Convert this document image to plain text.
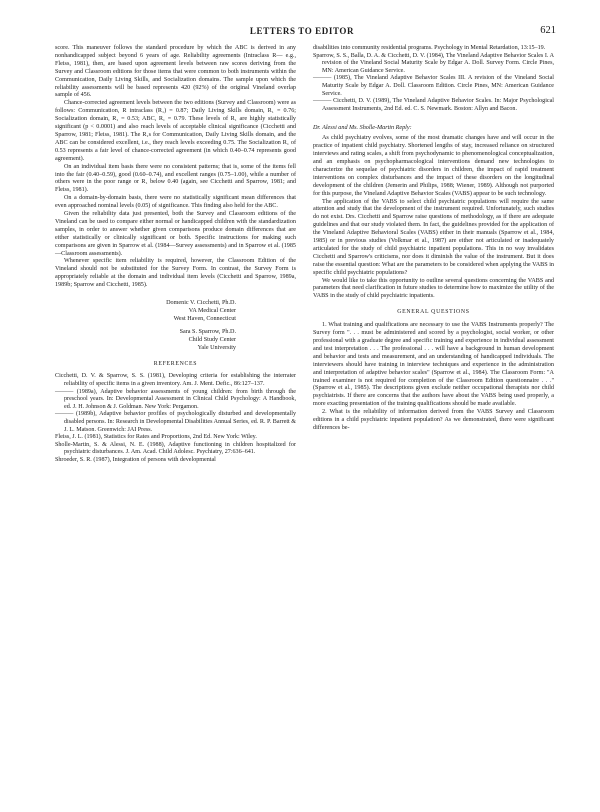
LETTERS TO EDITOR	621

score. This maneuver follows the standard procedure by which the ABC is derived in any nonhandicapped subject beyond 6 years of age. Reliability agreements (Intraclass R— e.g., Fleiss, 1981), then, are based upon agreement levels between raw scores deriving from the Survey and Classroom editions for those items that were common to both instruments within the Communication, Daily Living Skills, and Socialization domains. The sample upon which the reliability assessments will be based represents 420 (92%) of the original Vineland overlap sample of 456.

Chance-corrected agreement levels between the two editions (Survey and Classroom) were as follows: Communication, R intraclass (R₁) = 0.87; Daily Living Skills domain, R₁ = 0.76; Socialization domain, R₁ = 0.53; ABC, R₁ = 0.79. These levels of R₁ are highly statistically significant (p < 0.0001) and also reach levels of acceptable clinical significance (Cicchetti and Sparrow, 1981; Fleiss, 1981). The R₁s for Communication, Daily Living Skills domain, and the ABC can be considered excellent, i.e., they reach levels exceeding 0.75. The Socialization R₁ of 0.53 represents a fair level of chance-corrected agreement (in which 0.40–0.74 represents good agreement).

On an individual item basis there were no consistent patterns; that is, some of the items fell into the fair (0.40–0.59), good (0.60–0.74), and excellent ranges (0.75–1.00), while a number of others were in the poor range or R₁ below 0.40 (again, see Cicchetti and Sparrow, 1981; and Fleiss, 1981).

On a domain-by-domain basis, there were no statistically significant mean differences that even approached nominal levels (0.05) of significance. This finding also held for the ABC.

Given the reliability data just presented, both the Survey and Classroom editions of the Vineland can be used to compare either normal or handicapped children with the standardization samples, in order to answer whether given comparisons produce domain differences that are either statistically or clinically significant or both. Specific instructions for making such comparisons are given in Sparrow et al. (1984—Survey assessments) and in Sparrow et al. (1985—Classroom assessments).

Whenever specific item reliability is required, however, the Classroom Edition of the Vineland should not be substituted for the Survey Form. In contrast, the Survey Form is appropriately reliable at the domain and individual item levels (Cicchetti and Sparrow, 1989a, 1989b; Sparrow and Cicchetti, 1985).

Domenic V. Cicchetti, Ph.D.
VA Medical Center
West Haven, Connecticut
Sara S. Sparrow, Ph.D.
Child Study Center
Yale University
REFERENCES

Cicchetti, D. V. & Sparrow, S. S. (1981), Developing criteria for establishing the interrater reliability of specific items in a given inventory. Am. J. Ment. Defic., 86:127–137.

——— (1989a), Adaptive behavior assessments of young children: from birth through the preschool years. In: Developmental Assessment in Clinical Child Psychology: A Handbook, ed. J. H. Johnson & J. Goldman. New York: Pergamon.

——— (1989b), Adaptive behavior profiles of psychologically disturbed and developmentally disabled persons. In: Research in Developmental Disabilities Annual Series, ed. R. P. Barrett & J. L. Matson. Greenwich: JAI Press.

Fleiss, J. L. (1981), Statistics for Rates and Proportions, 2nd Ed. New York: Wiley.

Sholle-Martin, S. & Alessi, N. E. (1988), Adaptive functioning in children hospitalized for psychiatric disturbances. J. Am. Acad. Child Adolesc. Psychiatry, 27:636–641.

Shroeder, S. R. (1987), Integration of persons with developmental

disabilities into community residential programs. Psychology in Mental Retardation, 13:15–19.

Sparrow, S. S., Balla, D. A. & Cicchetti, D. V. (1984), The Vineland Adaptive Behavior Scales I. A revision of the Vineland Social Maturity Scale by Edgar A. Doll. Survey Form. Circle Pines, MN: American Guidance Service.

——— (1985), The Vineland Adaptive Behavior Scales III. A revision of the Vineland Social Maturity Scale by Edgar A. Doll. Classroom Edition. Circle Pines, MN: American Guidance Service.

——— Cicchetti, D. V. (1989), The Vineland Adaptive Behavior Scales. In: Major Psychological Assessment Instruments, 2nd Ed. ed. C. S. Newmark. Boston: Allyn and Bacon.

Dr. Alessi and Ms. Sholle-Martin Reply:

As child psychiatry evolves, some of the most dramatic changes have and will occur in the practice of inpatient child psychiatry. Shortened lengths of stay, increased reliance on structured interviews and rating scales, a shift from psychodynamic to phenomenological conceptualization, and an emphasis on psychopharmacological interventions demand new technologies to characterize the sequelae of psychiatric disorders in children, the impact of rapid treatment interventions on complex disturbances and the impact of these disorders on the longitudinal development of the children (Jemerin and Philips, 1988; Wiener, 1989). Although not purported for this purpose, the Vineland Adaptive Behavior Scales (VABS) appear to be such technology.

The application of the VABS to select child psychiatric populations will require the same attention and study that the development of the instrument required. Unfortunately, such studies do not exist. Drs. Cicchetti and Sparrow raise questions of methodology, as if there are adequate guidelines and that our study violated them. In fact, the guidelines provided for the application of the Vineland Adaptive Behavioral Scales (VABS) either in their manuals (Sparrow et al., 1984, 1985) or in previous studies (Volkmar et al., 1987) are either not articulated or inadequately articulated for the study of child psychiatric inpatient populations. This in no way invalidates Cicchetti and Sparrow's criticisms, nor does it diminish the value of the instrument. But it does raise the essential question: What are the parameters to be considered when applying the VABS in specific child psychiatric populations?

We would like to take this opportunity to outline several questions concerning the VABS and parameters that need clarification in future studies to determine how to maximize the utility of the VABS in the study of child psychiatric inpatients.

GENERAL QUESTIONS

1. What training and qualifications are necessary to use the VABS Instruments properly? The Survey form ". . . must be administered and scored by a psychologist, social worker, or other professional with a graduate degree and specific training and experience in individual assessment and test interpretation . . . The professional . . . will have a background in human development and behavior and tests and measurement, and an understanding of handicapped individuals. The interviewers should have training in interview techniques and experience in the administration and interpretation of adaptive behavior scales" (Sparrow et al., 1984). The Classroom Form: "A trained examiner is not required for completion of the Classroom Edition questionnaire . . ." (Sparrow et al., 1985). The descriptions given exclude neither occupational therapists nor child psychiatrists. If there are concerns that the authors have about the VABS being used properly, a more exacting presentation of the training qualifications should be made available.

2. What is the reliability of information derived from the VABS Survey and Classroom editions in a child psychiatric inpatient population? As we demonstrated, there were significant differences be-
